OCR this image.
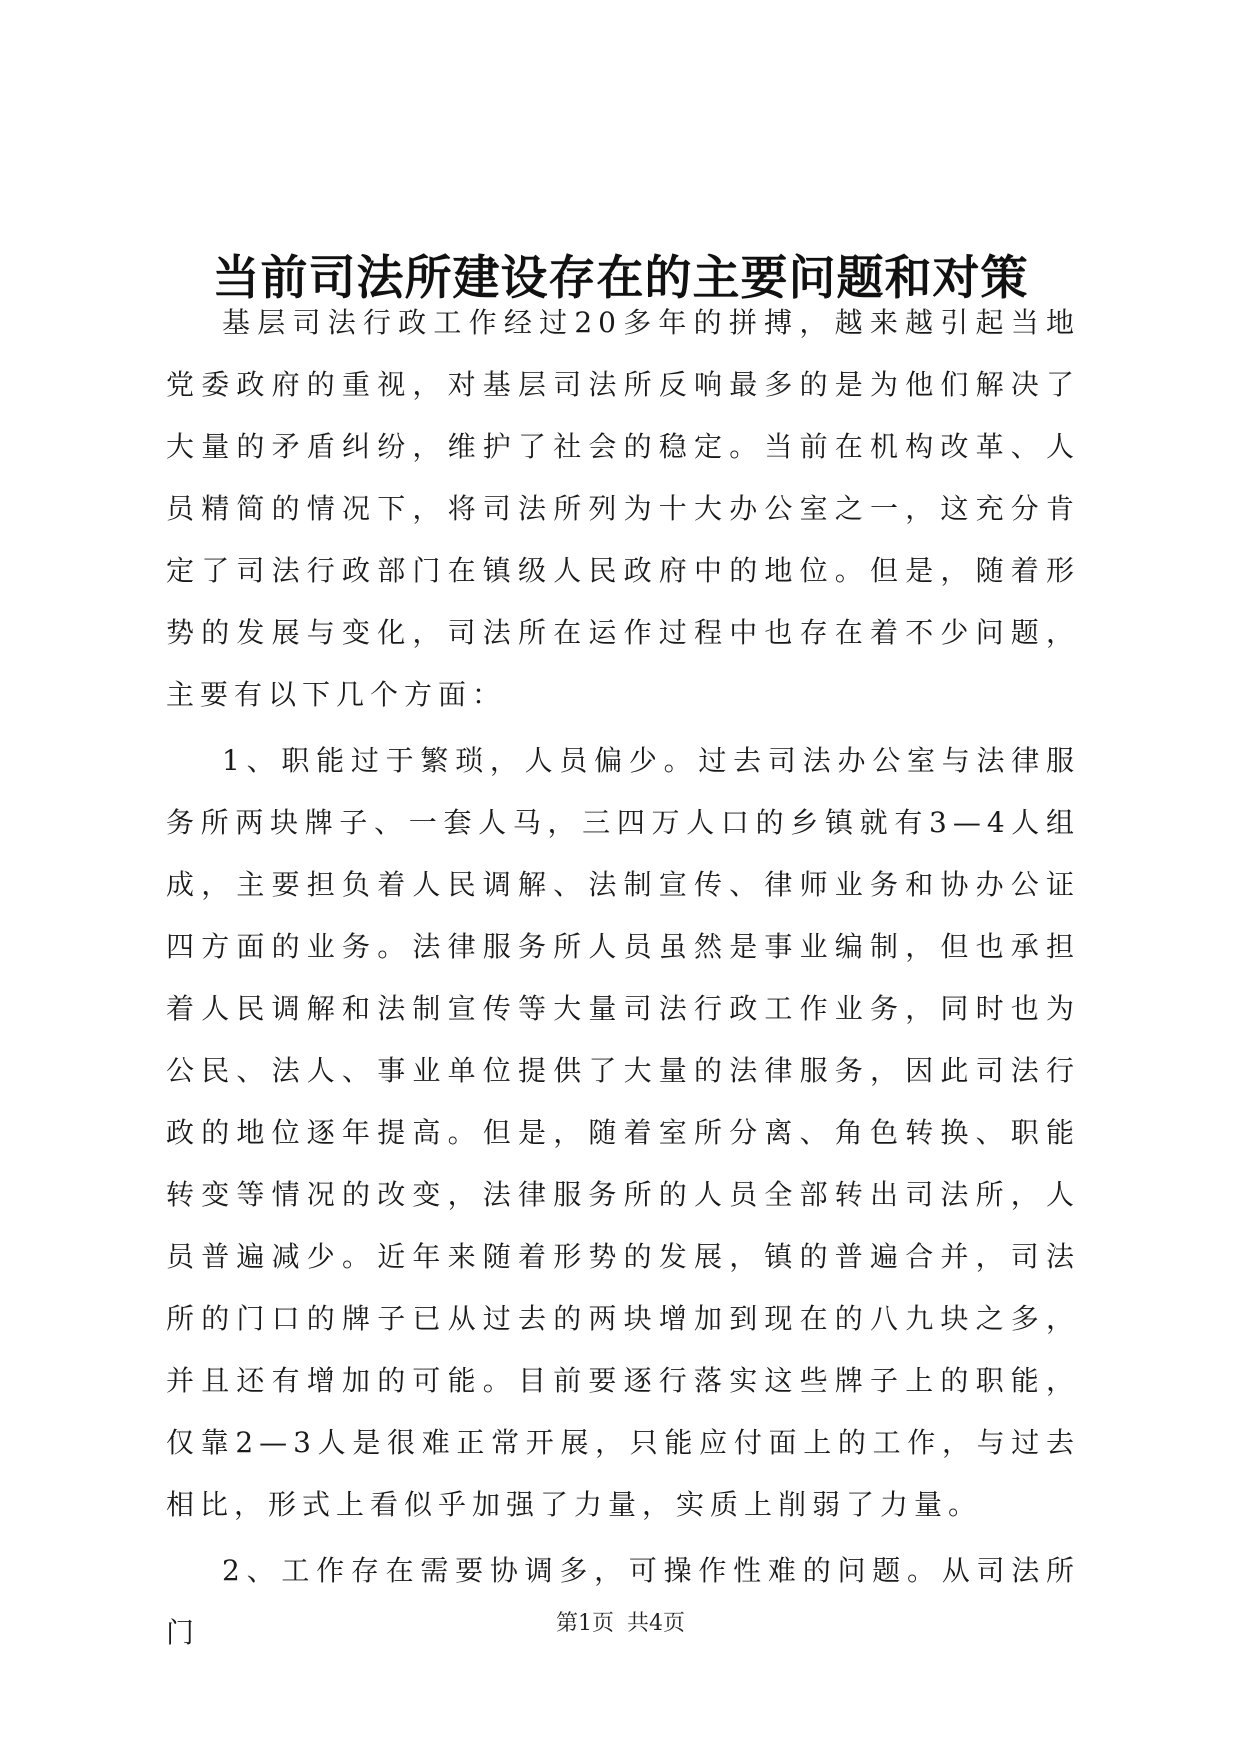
当前司法所建设存在的主要问题和对策

基层司法行政工作经过20多年的拼搏，越来越引起当地党委政府的重视，对基层司法所反响最多的是为他们解决了大量的矛盾纠纷，维护了社会的稳定。当前在机构改革、人员精简的情况下，将司法所列为十大办公室之一，这充分肯定了司法行政部门在镇级人民政府中的地位。但是，随着形势的发展与变化，司法所在运作过程中也存在着不少问题，主要有以下几个方面：

1、职能过于繁琐，人员偏少。过去司法办公室与法律服务所两块牌子、一套人马，三四万人口的乡镇就有3—4人组成，主要担负着人民调解、法制宣传、律师业务和协办公证四方面的业务。法律服务所人员虽然是事业编制，但也承担着人民调解和法制宣传等大量司法行政工作业务，同时也为公民、法人、事业单位提供了大量的法律服务，因此司法行政的地位逐年提高。但是，随着室所分离、角色转换、职能转变等情况的改变，法律服务所的人员全部转出司法所，人员普遍减少。近年来随着形势的发展，镇的普遍合并，司法所的门口的牌子已从过去的两块增加到现在的八九块之多，并且还有增加的可能。目前要逐行落实这些牌子上的职能，仅靠2—3人是很难正常开展，只能应付面上的工作，与过去相比，形式上看似乎加强了力量，实质上削弱了力量。

2、工作存在需要协调多，可操作性难的问题。从司法所门	第1页 共4页
